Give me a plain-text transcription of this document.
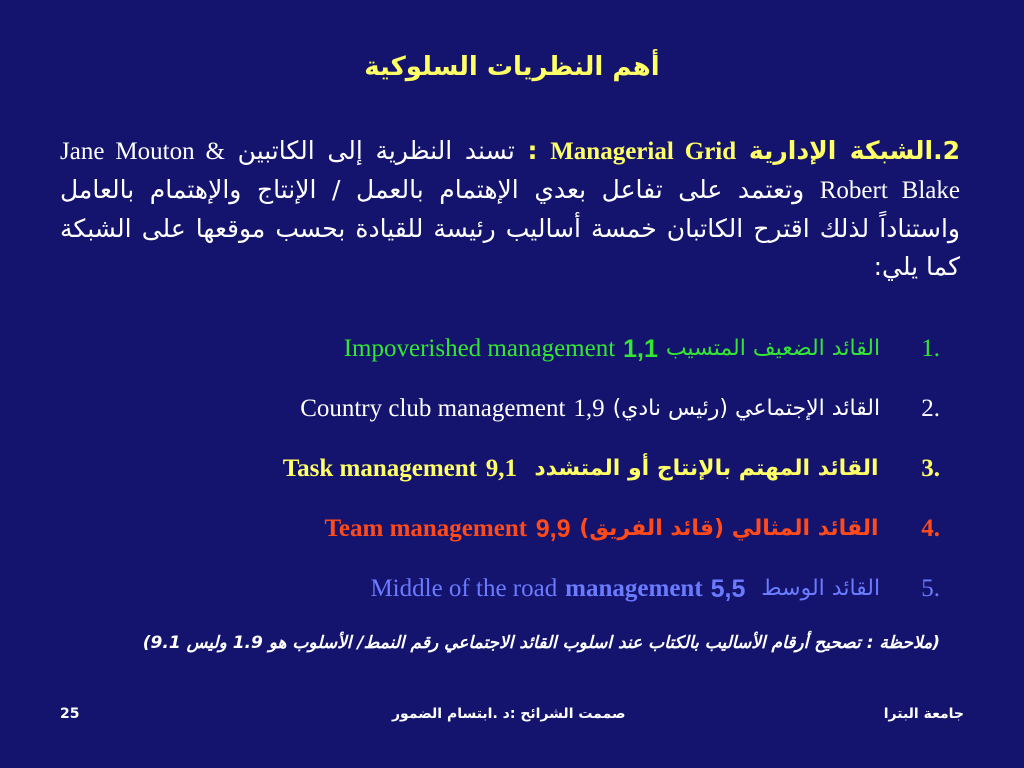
أهم النظريات السلوكية
2.الشبكة الإدارية Managerial Grid : تسند النظرية إلى الكاتبين Jane Mouton & Robert Blake وتعتمد على تفاعل بعدي الإهتمام بالعمل / الإنتاج والإهتمام بالعامل واستناداً لذلك اقترح الكاتبان خمسة أساليب رئيسة للقيادة بحسب موقعها على الشبكة كما يلي:
.1

القائد الضعيف المتسيب

1,1

Impoverished management
.2

القائد الإجتماعي (رئيس نادي)

1,9

Country club management
.3

القائد المهتم بالإنتاج أو المتشدد

9,1

Task management
.4

القائد المثالي (قائد الفريق)

9,9

Team management
.5

القائد الوسط

5,5

management

Middle of the road
(ملاحظة : تصحيح أرقام الأساليب بالكتاب عند اسلوب القائد الاجتماعي رقم النمط/ الأسلوب هو 1.9 وليس 9.1)
25	صممت الشرائح :د .ابتسام الضمور	جامعة البترا
